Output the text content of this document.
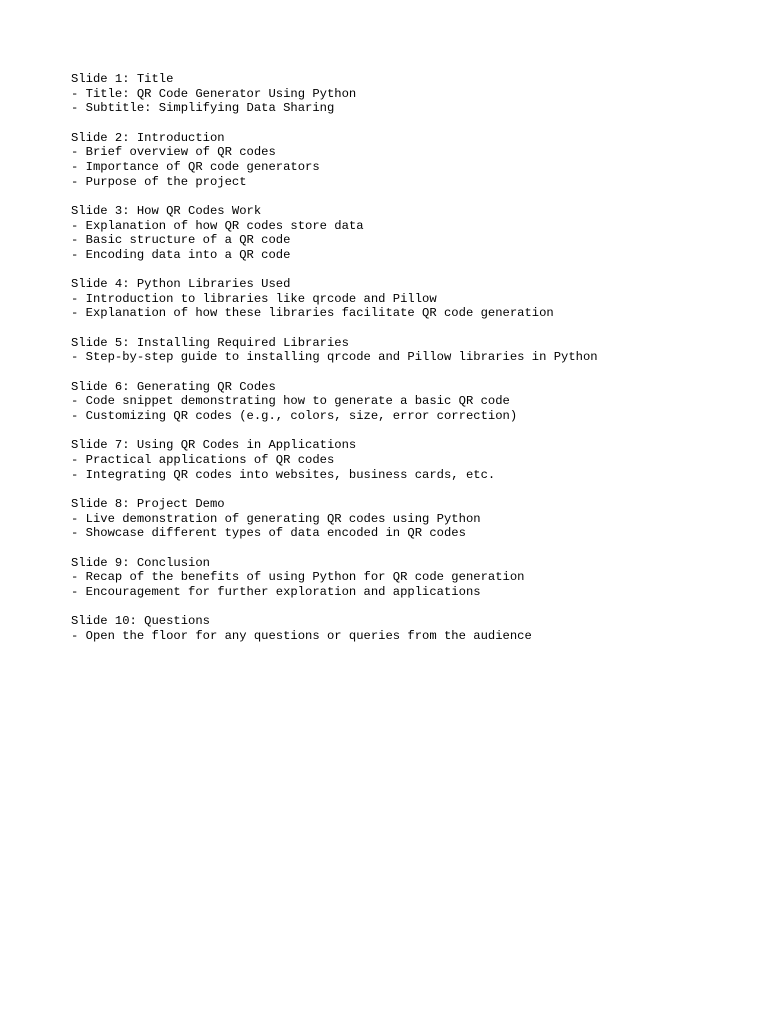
Slide 1: Title
- Title: QR Code Generator Using Python
- Subtitle: Simplifying Data Sharing
Slide 2: Introduction
- Brief overview of QR codes
- Importance of QR code generators
- Purpose of the project
Slide 3: How QR Codes Work
- Explanation of how QR codes store data
- Basic structure of a QR code
- Encoding data into a QR code
Slide 4: Python Libraries Used
- Introduction to libraries like qrcode and Pillow
- Explanation of how these libraries facilitate QR code generation
Slide 5: Installing Required Libraries
- Step-by-step guide to installing qrcode and Pillow libraries in Python
Slide 6: Generating QR Codes
- Code snippet demonstrating how to generate a basic QR code
- Customizing QR codes (e.g., colors, size, error correction)
Slide 7: Using QR Codes in Applications
- Practical applications of QR codes
- Integrating QR codes into websites, business cards, etc.
Slide 8: Project Demo
- Live demonstration of generating QR codes using Python
- Showcase different types of data encoded in QR codes
Slide 9: Conclusion
- Recap of the benefits of using Python for QR code generation
- Encouragement for further exploration and applications
Slide 10: Questions
- Open the floor for any questions or queries from the audience
